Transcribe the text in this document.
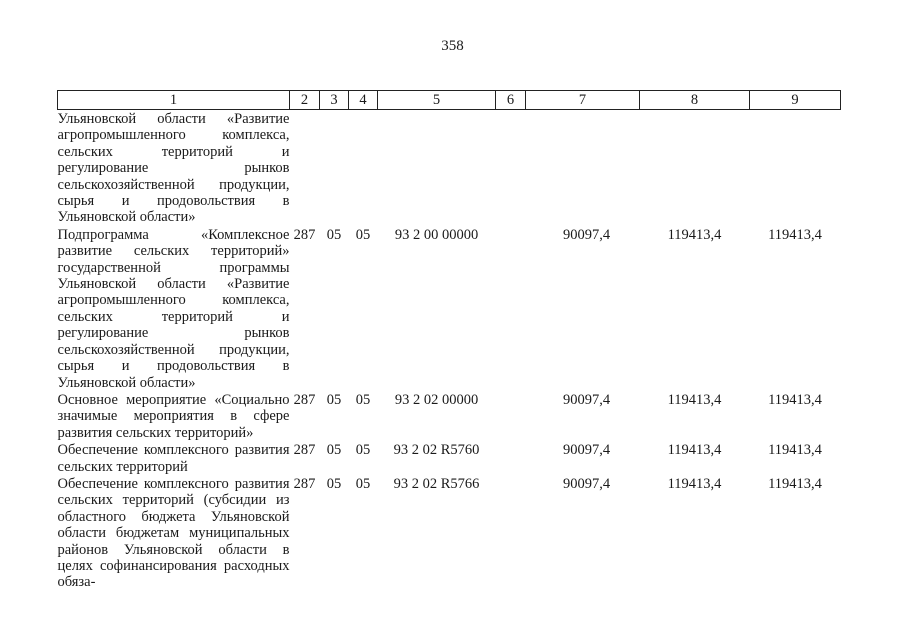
358
1	2	3	4	5	6	7	8	9
Ульяновской области «Развитие агропромышленного комплекса, сельских территорий и регулирование рынков сельскохозяйственной продукции, сырья и продовольствия в Ульяновской области»								
Подпрограмма «Комплексное развитие сельских территорий» государственной программы Ульяновской области «Развитие агропромышленного комплекса, сельских территорий и регулирование рынков сельскохозяйственной продукции, сырья и продовольствия в Ульяновской области»	287	05	05	93 2 00 00000		90097,4	119413,4	119413,4
Основное мероприятие «Социально значимые мероприятия в сфере развития сельских территорий»	287	05	05	93 2 02 00000		90097,4	119413,4	119413,4
Обеспечение комплексного развития сельских территорий	287	05	05	93 2 02 R5760		90097,4	119413,4	119413,4
Обеспечение комплексного развития сельских территорий (субсидии из областного бюджета Ульяновской области бюджетам муниципальных районов Ульяновской области в целях софинансирования расходных обяза-	287	05	05	93 2 02 R5766		90097,4	119413,4	119413,4
